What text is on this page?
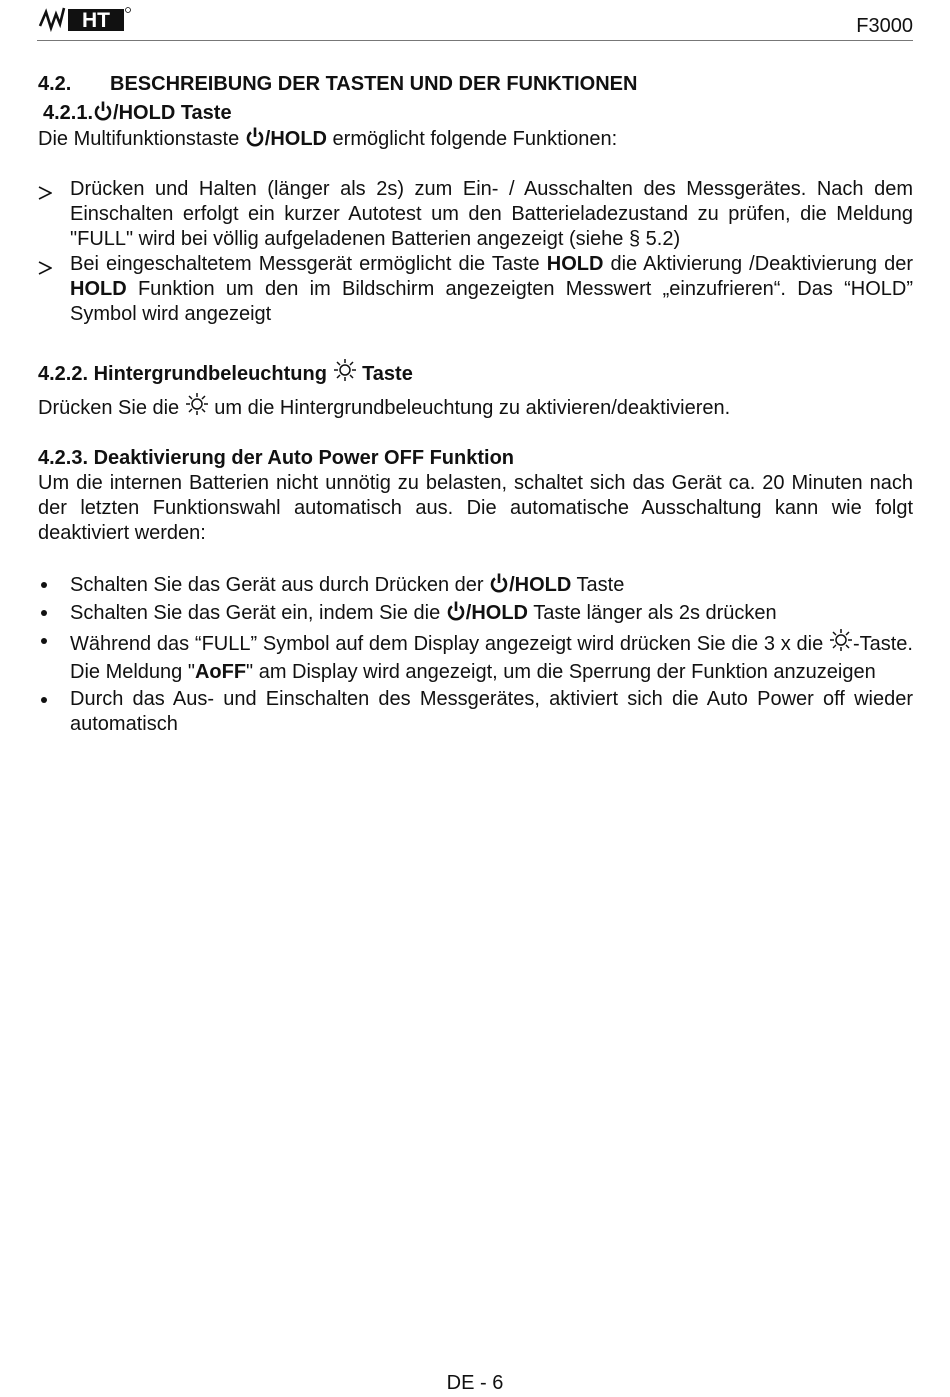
HT	F3000
4.2. BESCHREIBUNG DER TASTEN UND DER FUNKTIONEN
4.2.1. /HOLD Taste

Die Multifunktionstaste
/HOLD ermöglicht folgende Funktionen:

Drücken und Halten (länger als 2s) zum Ein- / Ausschalten des Messgerätes. Nach dem Einschalten erfolgt ein kurzer Autotest um den Batterieladezustand zu prüfen, die Meldung "FULL" wird bei völlig aufgeladenen Batterien angezeigt (siehe § 5.2)
Bei eingeschaltetem Messgerät ermöglicht die Taste HOLD die Aktivierung /Deaktivierung der HOLD Funktion um den im Bildschirm angezeigten Messwert „einzufrieren“. Das “HOLD” Symbol wird angezeigt
4.2.2. Hintergrundbeleuchtung Taste

Drücken Sie die
um die Hintergrundbeleuchtung zu aktivieren/deaktivieren.

4.2.3. Deaktivierung der Auto Power OFF Funktion

Um die internen Batterien nicht unnötig zu belasten, schaltet sich das Gerät ca. 20 Minuten nach der letzten Funktionswahl automatisch aus. Die automatische Ausschaltung kann wie folgt deaktiviert werden:

Schalten Sie das Gerät aus durch Drücken der
/HOLD Taste
Schalten Sie das Gerät ein, indem Sie die
/HOLD Taste länger als 2s drücken
Während das “FULL” Symbol auf dem Display angezeigt wird drücken Sie die 3 x die
-Taste. Die Meldung "AoFF" am Display wird angezeigt, um die Sperrung der Funktion anzuzeigen
Durch das Aus- und Einschalten des Messgerätes, aktiviert sich die Auto Power off wieder automatisch
DE - 6
